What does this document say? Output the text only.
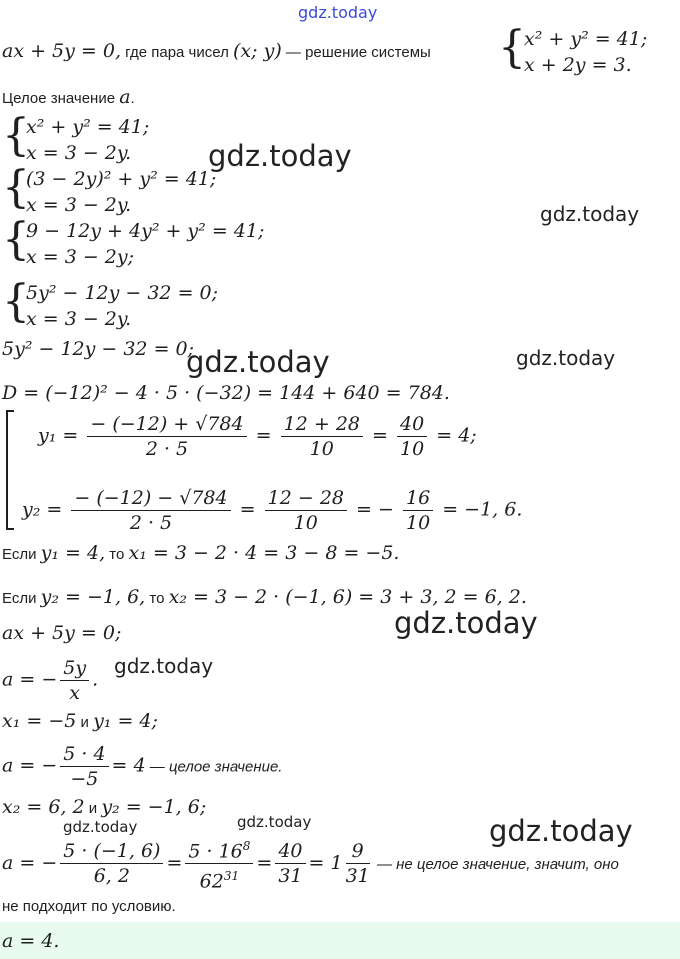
gdz.today
gdz.today
gdz.today
gdz.today	gdz.today
gdz.today
gdz.today
gdz.today	gdz.today	gdz.today
ax + 5y = 0, где пара чисел (x; y) — решение системы {
x² + y² = 41;
x + 2y = 3.
Целое значение a.
{
x² + y² = 41;
x = 3 − 2y.
{
(3 − 2y)² + y² = 41;
x = 3 − 2y.
{
9 − 12y + 4y² + y² = 41;
x = 3 − 2y;
{
5y² − 12y − 32 = 0;
x = 3 − 2y.
5y² − 12y − 32 = 0;
D = (−12)² − 4 · 5 · (−32) = 144 + 640 = 784.
$y_1 = \frac{- (-12) + √784}{2 \cdot 5} = \frac{12 + 28}{10} = \frac{40}{10} = 4$;
$y_2 = \frac{- (-12) - √784}{2 \cdot 5} = \frac{12 - 28}{10}$ = − $\frac{16}{10} = -1$, 6.
Если y₁ = 4, то x₁ = 3 − 2 · 4 = 3 − 8 = −5.
Если y₂ = −1, 6, то x₂ = 3 − 2 · (−1, 6) = 3 + 3, 2 = 6, 2.
ax + 5y = 0;
a = − $\frac{5y}{x}$ .
x₁ = −5 и y₁ = 4;
a = − $\frac{5 \cdot 4}{-5} = 4$ — целое значение.
x₂ = 6, 2 и y₂ = −1, 6;
a = − $\frac{5 \cdot (-1, 6)}{6, 2} = \frac{5 \cdot 16^8}{62^{31}} = \frac{40}{31} = 1 \frac{9}{31}$ — не целое значение, значит, оно
не подходит по условию.
a = 4.
